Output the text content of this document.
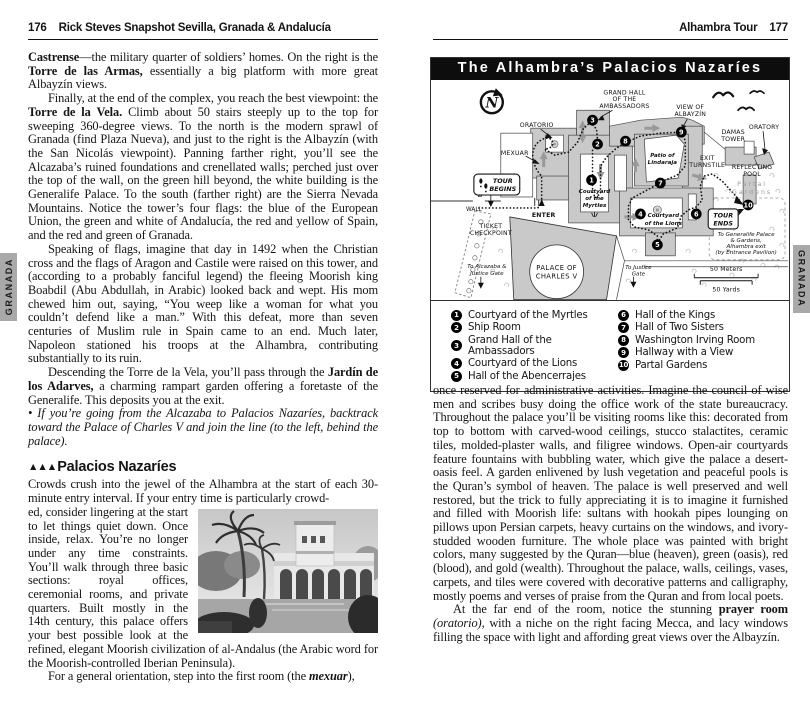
176 Rick Steves Snapshot Sevilla, Granada & Andalucía

Castrense—the military quarter of soldiers’ homes. On the right is the Torre de las Armas, essentially a big platform with more great Albayzín views.

Finally, at the end of the complex, you reach the best viewpoint: the Torre de la Vela. Climb about 50 stairs steeply up to the top for sweeping 360-degree views. To the north is the modern sprawl of Granada (find Plaza Nueva), and just to the right is the Albayzín (with the San Nicolás viewpoint). Panning farther right, you’ll see the Alcazaba’s ruined foundations and crenellated walls; perched just over the top of the wall, on the green hill beyond, the white building is the Generalife Palace. To the south (farther right) are the Sierra Nevada Mountains. Notice the tower’s four flags: the blue of the European Union, the green and white of Andalucía, the red and yellow of Spain, and the red and green of Granada.

Speaking of flags, imagine that day in 1492 when the Christian cross and the flags of Aragon and Castile were raised on this tower, and (according to a probably fanciful legend) the fleeing Moorish king Boabdil (Abu Abdullah, in Arabic) looked back and wept. His mom chewed him out, saying, “You weep like a woman for what you couldn’t defend like a man.” With this defeat, more than seven centuries of Muslim rule in Spain came to an end. Much later, Napoleon stationed his troops at the Alhambra, contributing substantially to its ruin.

Descending the Torre de la Vela, you’ll pass through the Jardín de los Adarves, a charming rampart garden offering a foretaste of the Generalife. This deposits you at the exit.

• If you’re going from the Alcazaba to Palacios Nazaríes, backtrack toward the Palace of Charles V and join the line (to the left, behind the palace).

▲▲▲Palacios Nazaríes

Crowds crush into the jewel of the Alhambra at the start of each 30-minute entry interval. If your entry time is particularly crowd-

ed, consider lingering at the start to let things quiet down. Once inside, relax. You’re no longer under any time constraints. You’ll walk through three basic sections: royal offices, ceremonial rooms, and private quarters. Built mostly in the 14th century, this palace offers your best possible look at the refined, elegant Moorish civilization of al-Andalus (the Arabic word for the Moorish-controlled Iberian Peninsula).

For a general orientation, step into the first room (the mexuar),

Alhambra Tour 177
The Alhambra’s Palacios Nazaríes
PALACE OF
CHARLES V
N
TOUR
BEGINS
TOUR
ENDS
ORATORIO
MEXUAR
GRAND HALL
OF THE
AMBASSADORS	VIEW OF
ALBAYZÍN
ORATORY
DAMAS
TOWER
EXIT
TURNSTILE REFLECTING
POOL
Partal
Gardens
WALL
ENTER
TICKET
CHECKPOINT
To Alcazaba &
Justice Gate
To Justice
Gate
To Generalife Palace
& Gardens,
Alhambra exit
(by Entrance Pavilion)
Courtyard
of the
Myrtles
Courtyard
of the Lions
Patio of
Lindaraja
50 Meters
50 Yards
1
2
3
4
5
6
7
8
9
10
1 Courtyard of the Myrtles
2 Ship Room
3 Grand Hall of the Ambassadors
4 Courtyard of the Lions
5 Hall of the Abencerrajes
6 Hall of the Kings
7 Hall of Two Sisters
8 Washington Irving Room
9 Hallway with a View
10 Partal Gardens

once reserved for administrative activities. Imagine the council of wise men and scribes busy doing the office work of the state bureaucracy. Throughout the palace you’ll be visiting rooms like this: decorated from top to bottom with carved-wood ceilings, stucco stalactites, ceramic tiles, molded-plaster walls, and filigree windows. Open-air courtyards feature fountains with bubbling water, which give the palace a desert-oasis feel. A garden enlivened by lush vegetation and peaceful pools is the Quran’s symbol of heaven. The palace is well preserved and well restored, but the trick to fully appreciating it is to imagine it furnished and filled with Moorish life: sultans with hookah pipes lounging on pillows upon Persian carpets, heavy curtains on the windows, and ivory-studded wooden furniture. The whole place was painted with bright colors, many suggested by the Quran—blue (heaven), green (oasis), red (blood), and gold (wealth). Throughout the palace, walls, ceilings, vases, carpets, and tiles were covered with decorative patterns and calligraphy, mostly poems and verses of praise from the Quran and from local poets.

At the far end of the room, notice the stunning prayer room (oratorio), with a niche on the right facing Mecca, and lacy windows filling the space with light and affording great views over the Albayzín.

GRANADA	GRANADA
